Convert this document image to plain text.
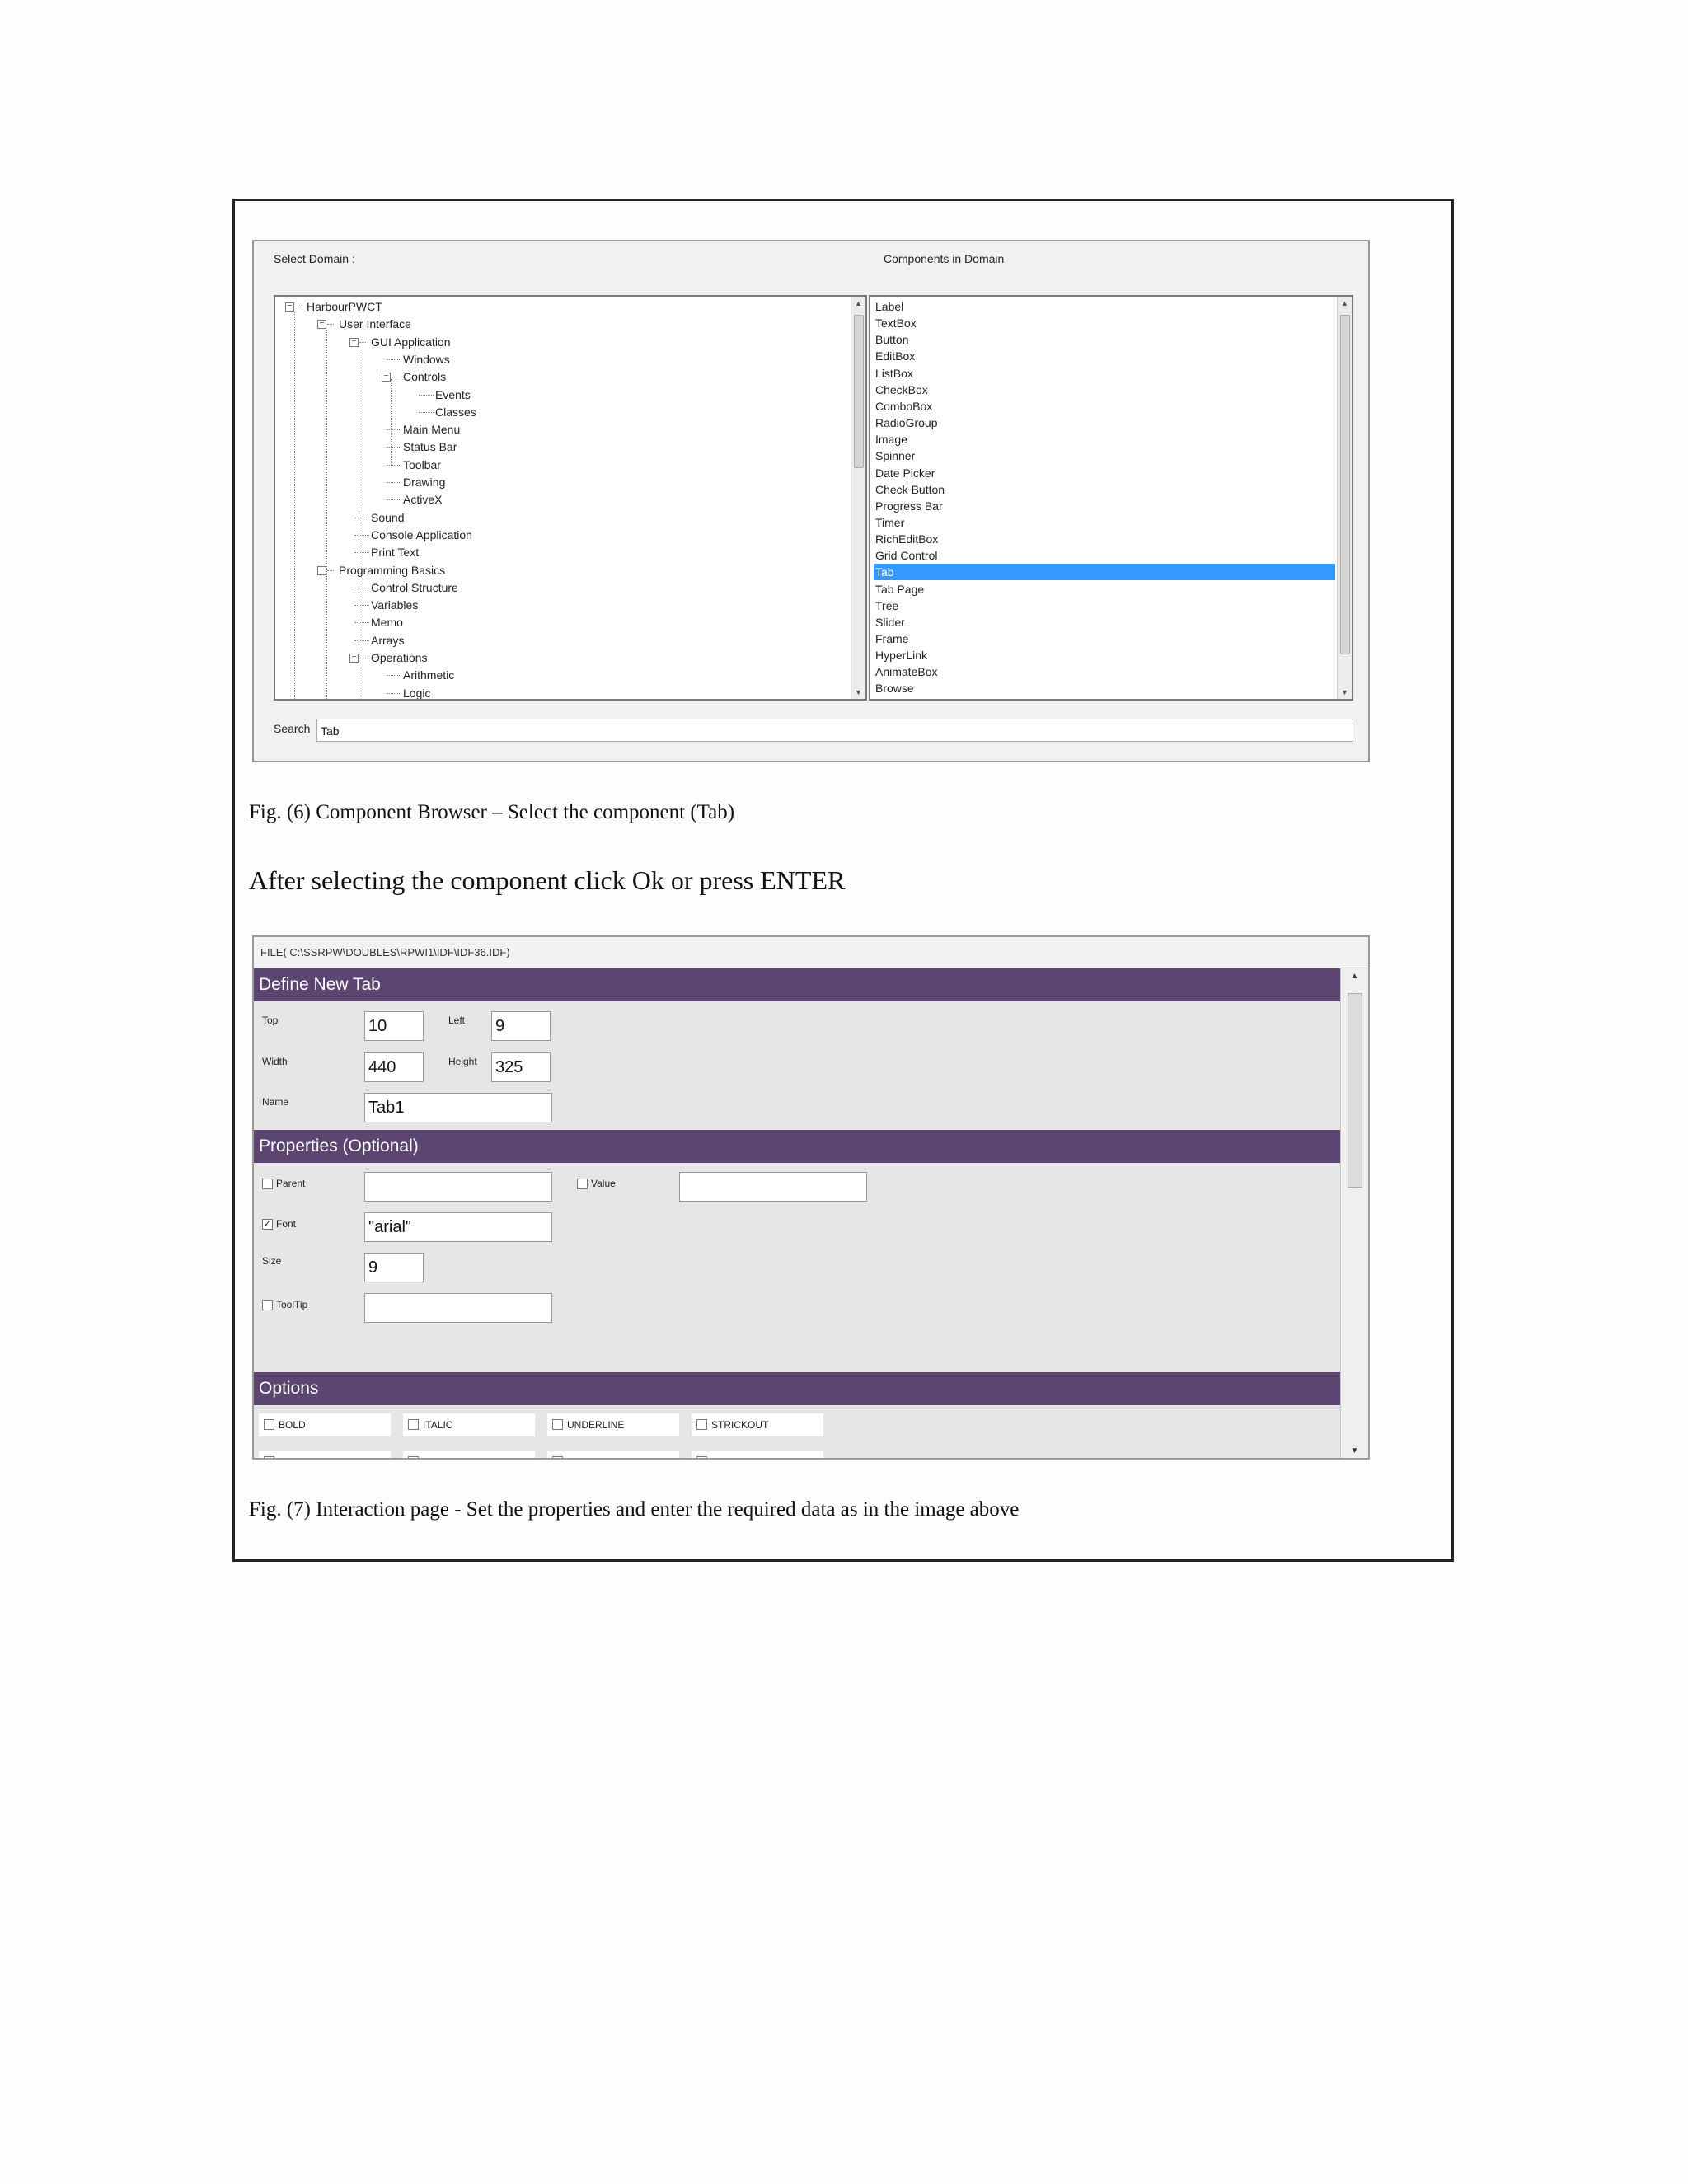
Select Domain :	Components in Domain
▲
▼
− HarbourPWCT
− User Interface
− GUI Application
Windows
− Controls
Events
Classes
Main Menu
Status Bar
Toolbar
Drawing
ActiveX
Sound
Console Application
Print Text
− Programming Basics
Control Structure
Variables
Memo
Arrays
− Operations
Arithmetic
Logic	Browse
AnimateBox
HyperLink
Frame
Slider
Tree
Tab Page
Tab
Grid Control
RichEditBox
Timer
Progress Bar
Check Button
Date Picker
Spinner
Image
RadioGroup
ComboBox
CheckBox
ListBox
EditBox
Button
TextBox
Label	▲
▼
Search Tab
Fig. (6) Component Browser – Select the component (Tab)
After selecting the component click Ok or press ENTER
FILE( C:\SSRPW\DOUBLES\RPWI1\IDF\IDF36.IDF)
Define New Tab
Top	10	Left 9
Width	440	Height 325
Name	Tab1
Properties (Optional)
Parent	Value
✓ Font	"arial"
Size	9
ToolTip
Options
BOLD	ITALIC	UNDERLINE	STRICKOUT
▲
▼
Fig. (7) Interaction page - Set the properties and enter the required data as in the image above
